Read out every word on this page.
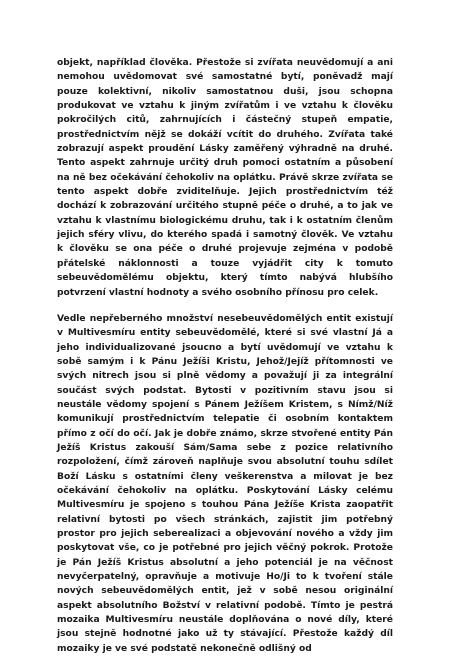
objekt, například člověka. Přestože si zvířata neuvědomují a ani nemohou uvědomovat své samostatné bytí, poněvadž mají pouze kolektivní, nikoliv samostatnou duši, jsou schopna produkovat ve vztahu k jiným zvířatům i ve vztahu k člověku pokročilých citů, zahrnujících i částečný stupeň empatie, prostřednictvím nějž se dokáží vcítit do druhého. Zvířata také zobrazují aspekt proudění Lásky zaměřený výhradně na druhé. Tento aspekt zahrnuje určitý druh pomoci ostatním a působení na ně bez očekávání čehokoliv na oplátku. Právě skrze zvířata se tento aspekt dobře zviditelňuje. Jejich prostřednictvím též dochází k zobrazování určitého stupně péče o druhé, a to jak ve vztahu k vlastnímu biologickému druhu, tak i k ostatním členům jejich sféry vlivu, do kterého spadá i samotný člověk. Ve vztahu k člověku se ona péče o druhé projevuje zejména v podobě přátelské náklonnosti a touze vyjádřit city k tomuto sebeuvědomělému objektu, který tímto nabývá hlubšího potvrzení vlastní hodnoty a svého osobního přínosu pro celek.

Vedle nepřeberného množství nesebeuvědomělých entit existují v Multivesmíru entity sebeuvědomělé, které si své vlastní Já a jeho individualizované jsoucno a bytí uvědomují ve vztahu k sobě samým i k Pánu Ježíši Kristu, Jehož/Jejíž přítomnosti ve svých nitrech jsou si plně vědomy a považují ji za integrální součást svých podstat. Bytosti v pozitivním stavu jsou si neustále vědomy spojení s Pánem Ježíšem Kristem, s Nímž/Níž komunikují prostřednictvím telepatie či osobním kontaktem přímo z očí do očí. Jak je dobře známo, skrze stvořené entity Pán Ježíš Kristus zakouší Sám/Sama sebe z pozice relativního rozpoložení, čímž zároveň naplňuje svou absolutní touhu sdílet Boží Lásku s ostatními členy veškerenstva a milovat je bez očekávání čehokoliv na oplátku. Poskytování Lásky celému Multivesmíru je spojeno s touhou Pána Ježíše Krista zaopatřit relativní bytosti po všech stránkách, zajistit jim potřebný prostor pro jejich seberealizaci a objevování nového a vždy jim poskytovat vše, co je potřebné pro jejich věčný pokrok. Protože je Pán Ježíš Kristus absolutní a jeho potenciál je na věčnost nevyčerpatelný, opravňuje a motivuje Ho/Ji to k tvoření stále nových sebeuvědomělých entit, jež v sobě nesou originální aspekt absolutního Božství v relativní podobě. Tímto je pestrá mozaika Multivesmíru neustále doplňována o nové díly, které jsou stejně hodnotné jako už ty stávající. Přestože každý díl mozaiky je ve své podstatě nekonečně odlišný od
